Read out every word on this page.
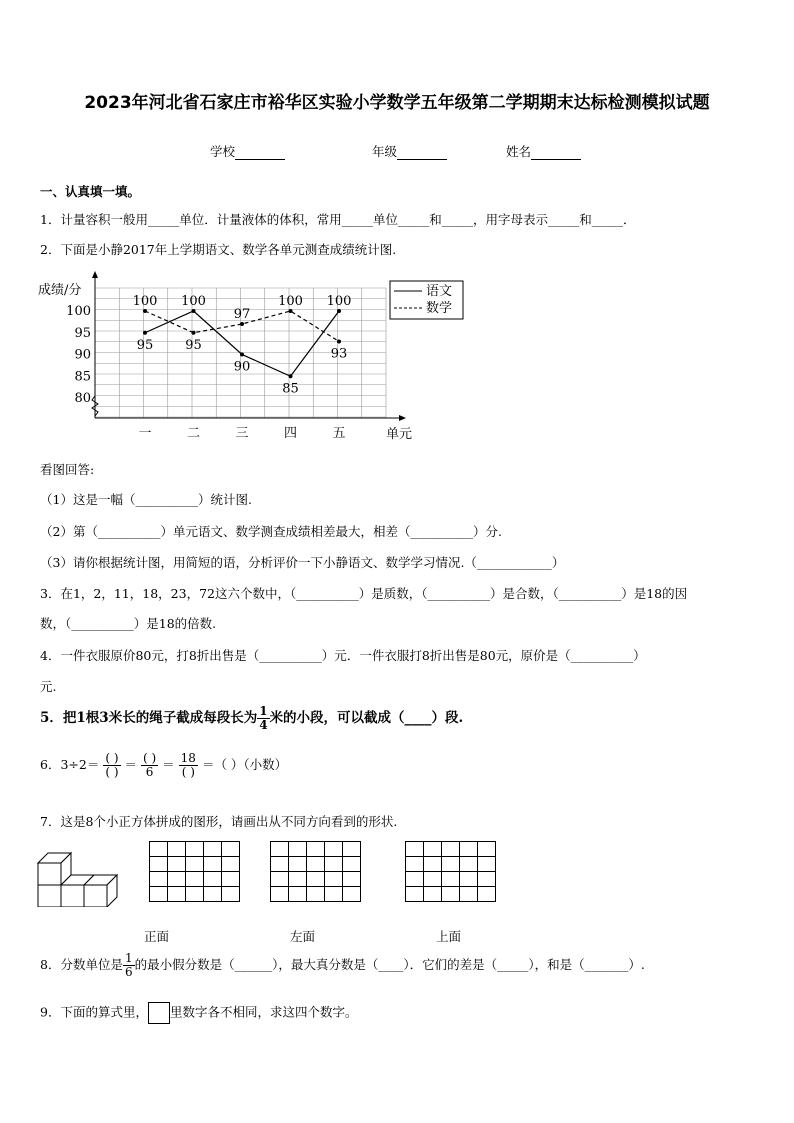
2023年河北省石家庄市裕华区实验小学数学五年级第二学期期末达标检测模拟试题
学校	年级	姓名
一、认真填一填。
1．计量容积一般用_____单位．计量液体的体积，常用_____单位_____和_____，用字母表示_____和_____．
2．下面是小静2017年上学期语文、数学各单元测查成绩统计图.
成绩/分
单元
80
85
90
95
100
一	二	三	四	五
95
100
90
85
100
100
95
97
100
93
语文
数学
看图回答:
（1）这是一幅（__________）统计图.
（2）第（__________）单元语文、数学测查成绩相差最大，相差（__________）分.
（3）请你根据统计图，用简短的语，分析评价一下小静语文、数学学习情况.（____________）
3．在1，2，11，18，23，72这六个数中，（__________）是质数，（__________）是合数，（__________）是18的因
数，（__________）是18的倍数.
4．一件衣服原价80元，打8折出售是（__________）元．一件衣服打8折出售是80元，原价是（__________）
元.
5．把1根3米长的绳子截成每段长为 $\frac{1}{4}$ 米的小段，可以截成（____）段.
6．$3\div 2= \frac{( )}{( )} = \frac{( )}{6} = \frac{18}{( )}$ ＝（ ）（小数）
7．这是8个小正方体拼成的图形，请画出从不同方向看到的形状.

正面	左面	上面
8．分数单位是 $\frac{1}{6}$ 的最小假分数是（______），最大真分数是（____）．它们的差是（_____），和是（_______）.
9．下面的算式里， 里数字各不相同，求这四个数字。
